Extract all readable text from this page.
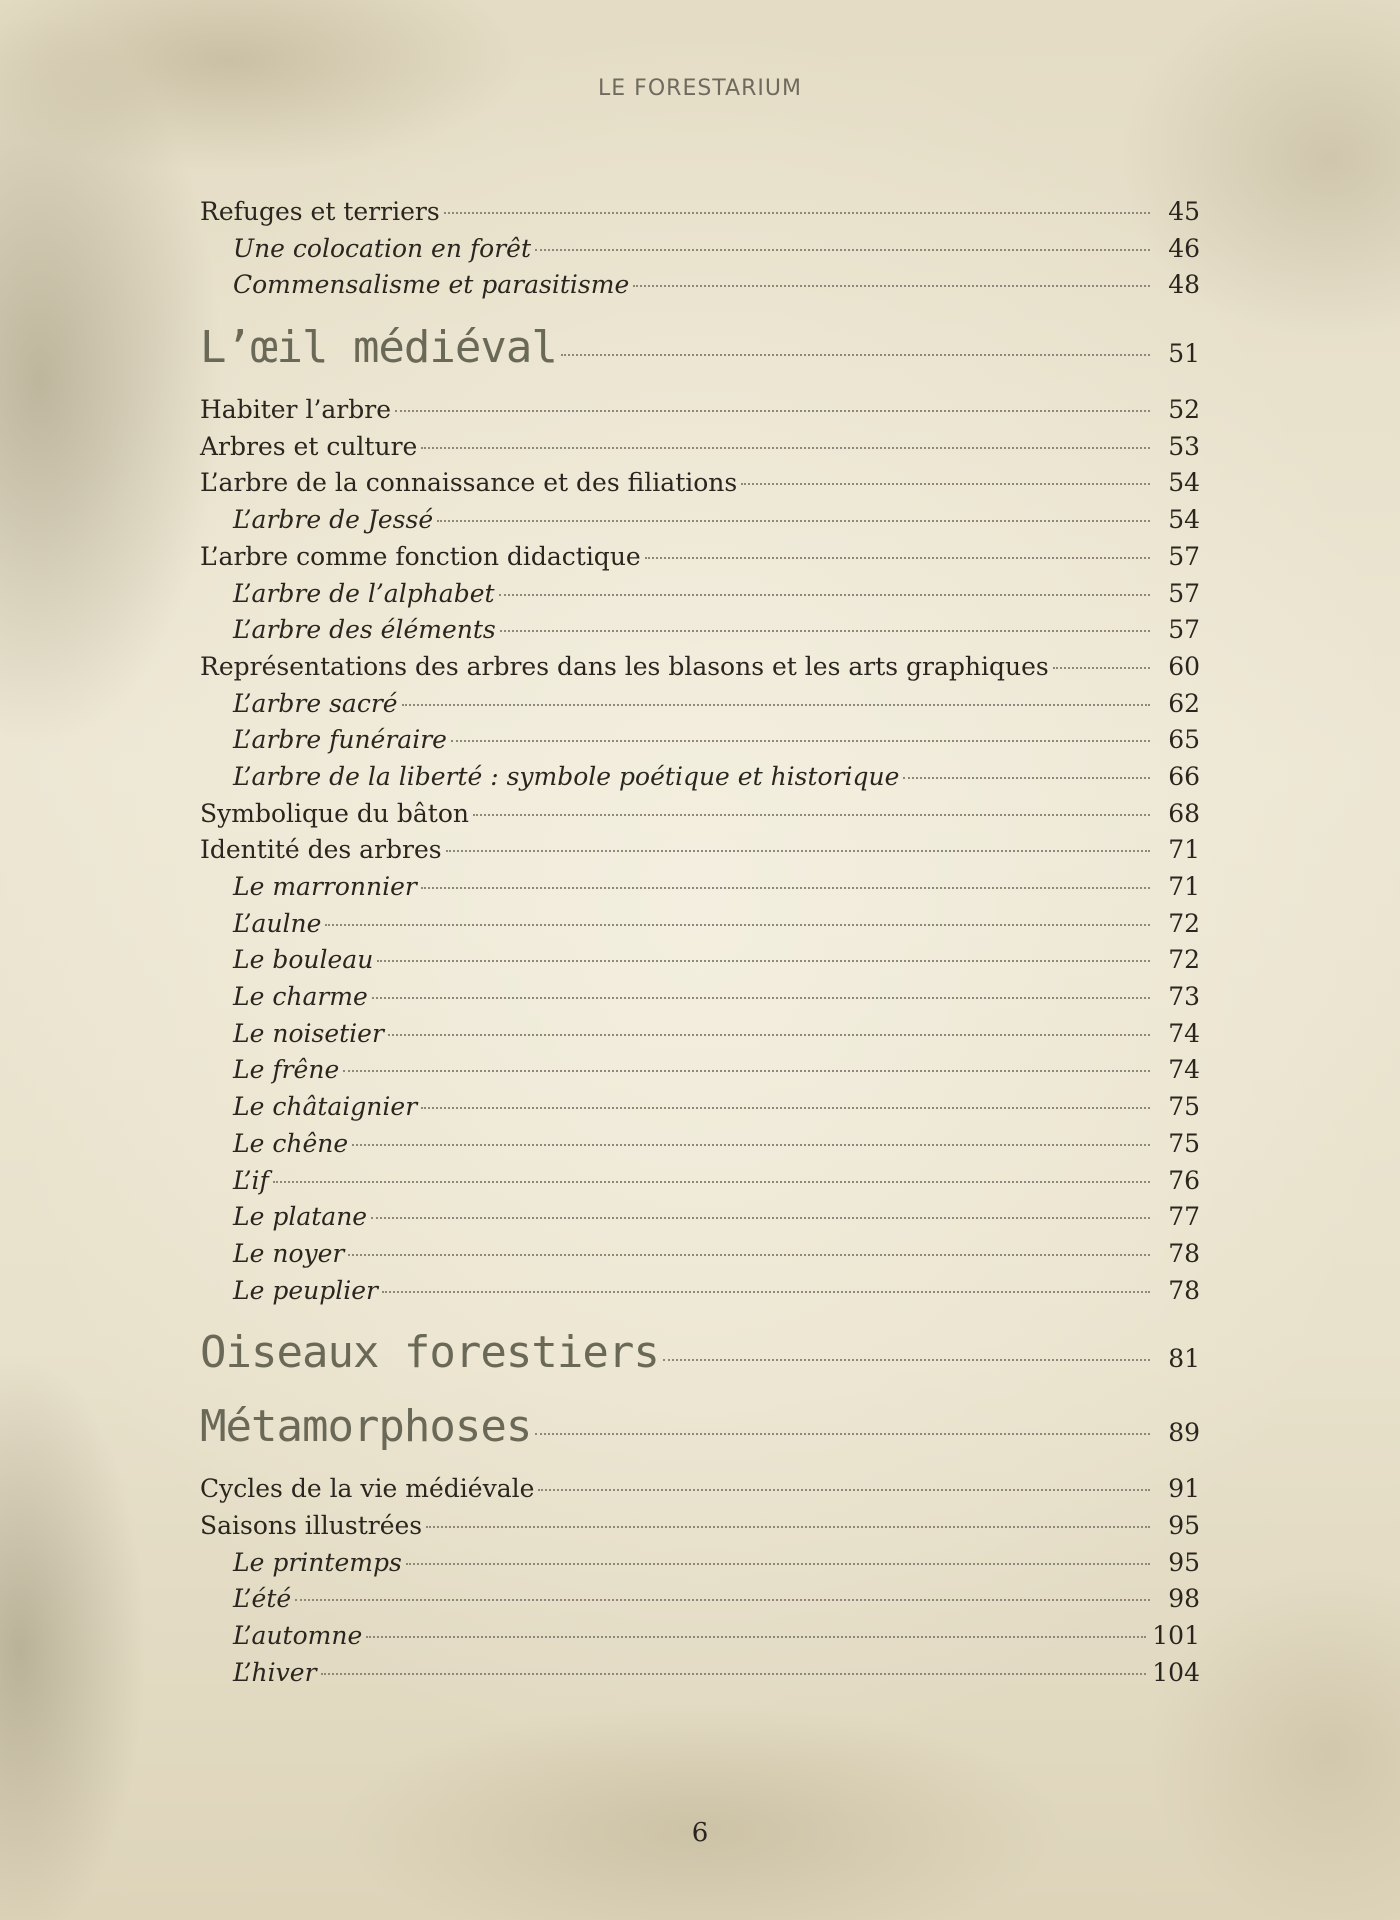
LE FORESTARIUM
Refuges et terriers	45
Une colocation en forêt	46
Commensalisme et parasitisme	48
L’œil médiéval	51
Habiter l’arbre	52
Arbres et culture	53
L’arbre de la connaissance et des filiations	54
L’arbre de Jessé	54
L’arbre comme fonction didactique	57
L’arbre de l’alphabet	57
L’arbre des éléments	57
Représentations des arbres dans les blasons et les arts graphiques	60
L’arbre sacré	62
L’arbre funéraire	65
L’arbre de la liberté : symbole poétique et historique	66
Symbolique du bâton	68
Identité des arbres	71
Le marronnier	71
L’aulne	72
Le bouleau	72
Le charme	73
Le noisetier	74
Le frêne	74
Le châtaignier	75
Le chêne	75
L’if	76
Le platane	77
Le noyer	78
Le peuplier	78
Oiseaux forestiers	81
Métamorphoses	89
Cycles de la vie médiévale	91
Saisons illustrées	95
Le printemps	95
L’été	98
L’automne	101
L’hiver	104
6
